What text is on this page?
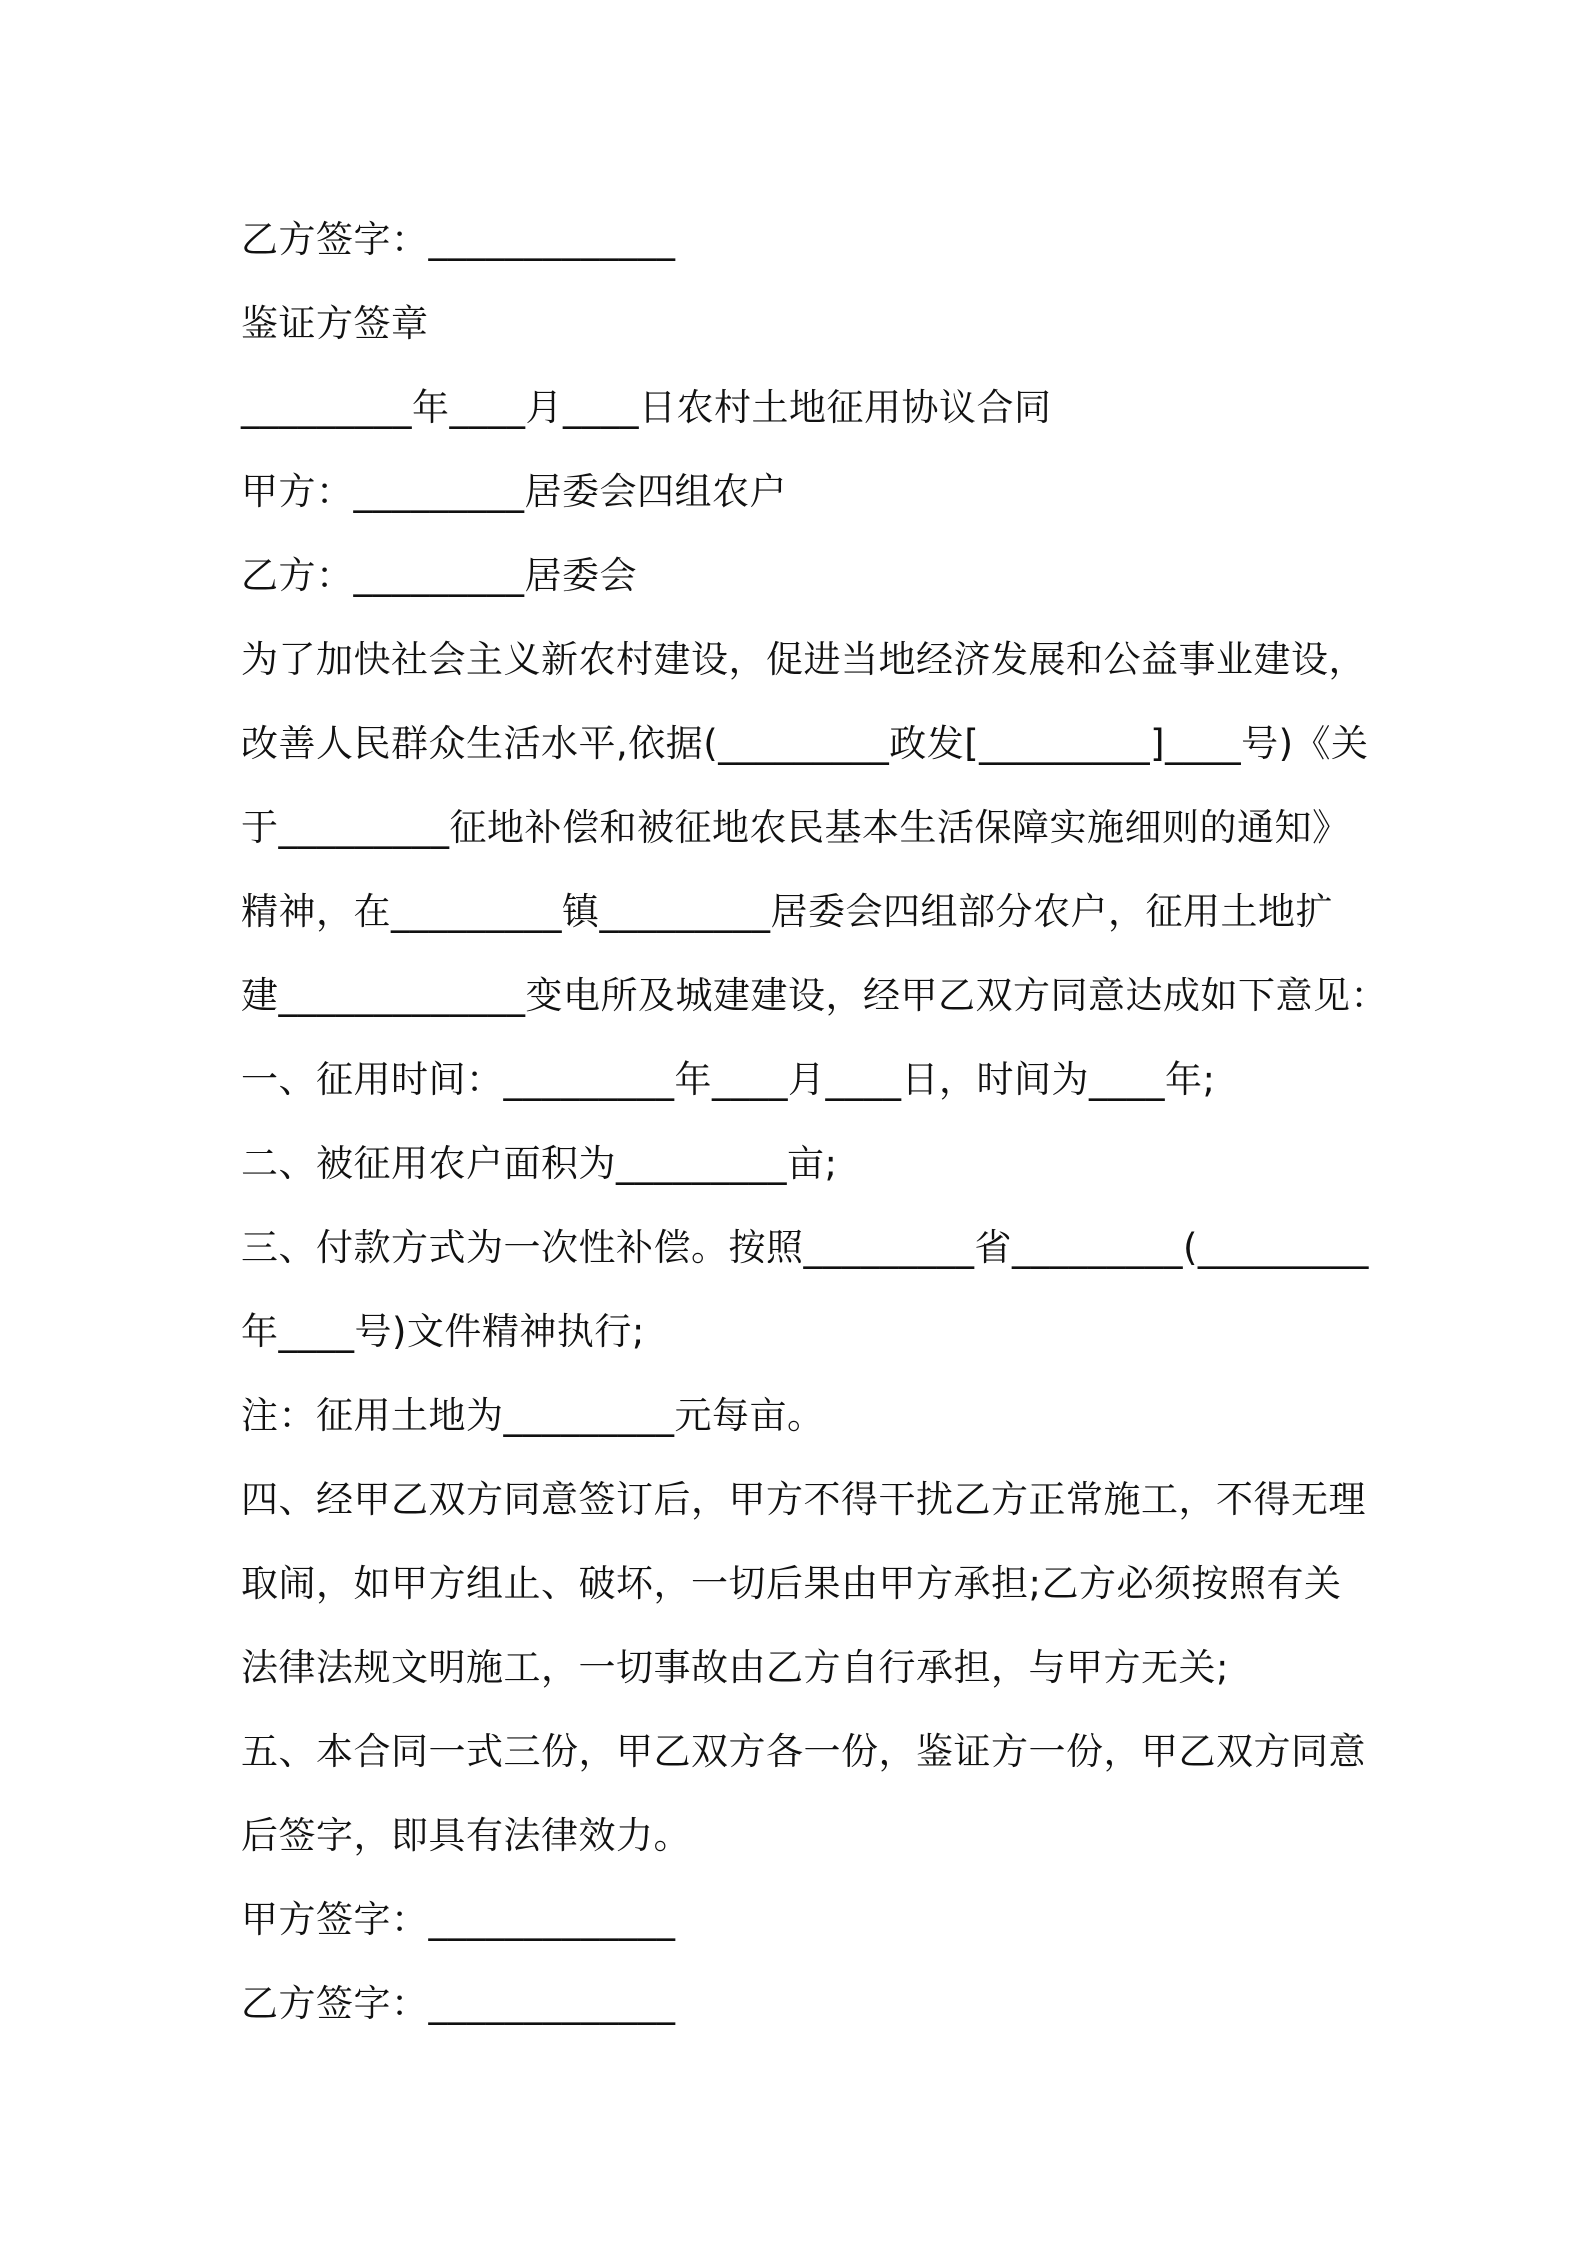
乙方签字：_____________
鉴证方签章
_________年____月____日农村土地征用协议合同
甲方：_________居委会四组农户
乙方：_________居委会
为了加快社会主义新农村建设，促进当地经济发展和公益事业建设，
改善人民群众生活水平,依据(_________政发[_________]____号)《关
于_________征地补偿和被征地农民基本生活保障实施细则的通知》
精神，在_________镇_________居委会四组部分农户，征用土地扩
建_____________变电所及城建建设，经甲乙双方同意达成如下意见：
一、征用时间：_________年____月____日，时间为____年;
二、被征用农户面积为_________亩;
三、付款方式为一次性补偿。按照_________省_________(_________
年____号)文件精神执行;
注：征用土地为_________元每亩。
四、经甲乙双方同意签订后，甲方不得干扰乙方正常施工，不得无理
取闹，如甲方组止、破坏，一切后果由甲方承担;乙方必须按照有关
法律法规文明施工，一切事故由乙方自行承担，与甲方无关;
五、本合同一式三份，甲乙双方各一份，鉴证方一份，甲乙双方同意
后签字，即具有法律效力。
甲方签字：_____________
乙方签字：_____________
